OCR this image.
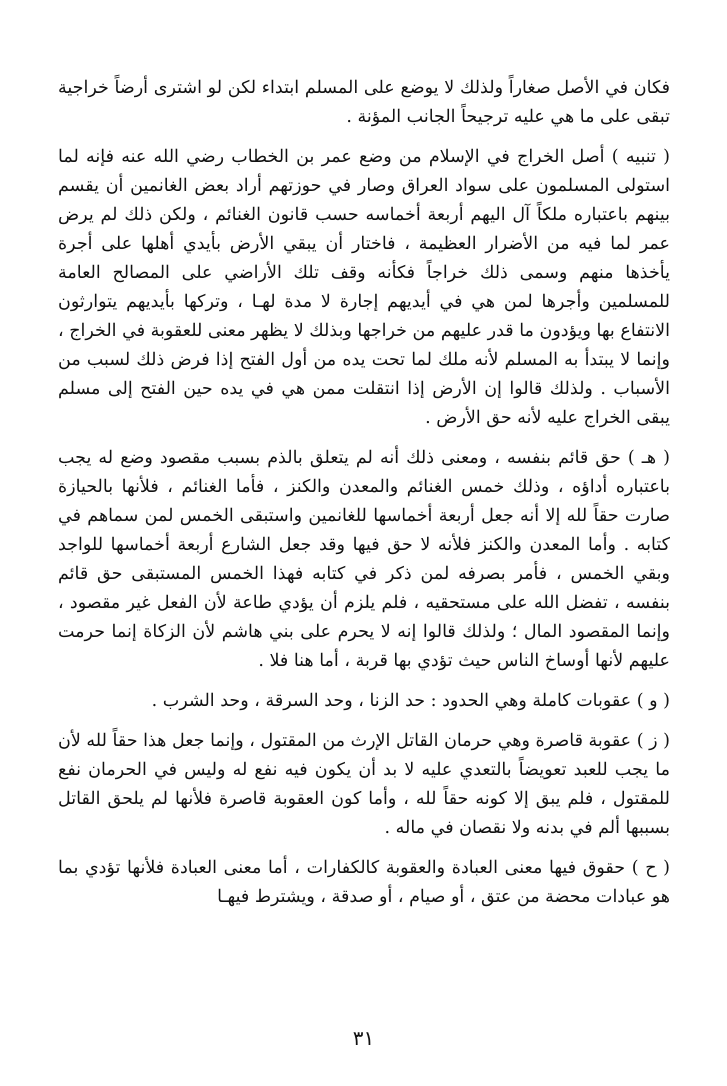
فكان في الأصل صغاراً ولذلك لا يوضع على المسلم ابتداء لكن لو اشترى أرضاً خراجية تبقى على ما هي عليه ترجيحاً الجانب المؤنة .

( تنبيه ) أصل الخراج في الإسلام من وضع عمر بن الخطاب رضي الله عنه فإنه لما استولى المسلمون على سواد العراق وصار في حوزتهم أراد بعض الغانمين أن يقسم بينهم باعتباره ملكاً آل اليهم أربعة أخماسه حسب قانون الغنائم ، ولكن ذلك لم يرض عمر لما فيه من الأضرار العظيمة ، فاختار أن يبقي الأرض بأيدي أهلها على أجرة يأخذها منهم وسمى ذلك خراجاً فكأنه وقف تلك الأراضي على المصالح العامة للمسلمين وأجرها لمن هي في أيديهم إجارة لا مدة لهـا ، وتركها بأيديهم يتوارثون الانتفاع بها ويؤدون ما قدر عليهم من خراجها وبذلك لا يظهر معنى للعقوبة في الخراج ، وإنما لا يبتدأ به المسلم لأنه ملك لما تحت يده من أول الفتح إذا فرض ذلك لسبب من الأسباب . ولذلك قالوا إن الأرض إذا انتقلت ممن هي في يده حين الفتح إلى مسلم يبقى الخراج عليه لأنه حق الأرض .

( هـ ) حق قائم بنفسه ، ومعنى ذلك أنه لم يتعلق بالذم بسبب مقصود وضع له يجب باعتباره أداؤه ، وذلك خمس الغنائم والمعدن والكنز ، فأما الغنائم ، فلأنها بالحيازة صارت حقاً لله إلا أنه جعل أربعة أخماسها للغانمين واستبقى الخمس لمن سماهم في كتابه . وأما المعدن والكنز فلأنه لا حق فيها وقد جعل الشارع أربعة أخماسها للواجد وبقي الخمس ، فأمر بصرفه لمن ذكر في كتابه فهذا الخمس المستبقى حق قائم بنفسه ، تفضل الله على مستحقيه ، فلم يلزم أن يؤدي طاعة لأن الفعل غير مقصود ، وإنما المقصود المال ؛ ولذلك قالوا إنه لا يحرم على بني هاشم لأن الزكاة إنما حرمت عليهم لأنها أوساخ الناس حيث تؤدي بها قربة ، أما هنا فلا .

( و ) عقوبات كاملة وهي الحدود : حد الزنا ، وحد السرقة ، وحد الشرب .

( ز ) عقوبة قاصرة وهي حرمان القاتل الإرث من المقتول ، وإنما جعل هذا حقاً لله لأن ما يجب للعبد تعويضاً بالتعدي عليه لا بد أن يكون فيه نفع له وليس في الحرمان نفع للمقتول ، فلم يبق إلا كونه حقاً لله ، وأما كون العقوبة قاصرة فلأنها لم يلحق القاتل بسببها ألم في بدنه ولا نقصان في ماله .

( ح ) حقوق فيها معنى العبادة والعقوبة كالكفارات ، أما معنى العبادة فلأنها تؤدي بما هو عبادات محضة من عتق ، أو صيام ، أو صدقة ، ويشترط فيهـا

٣١
